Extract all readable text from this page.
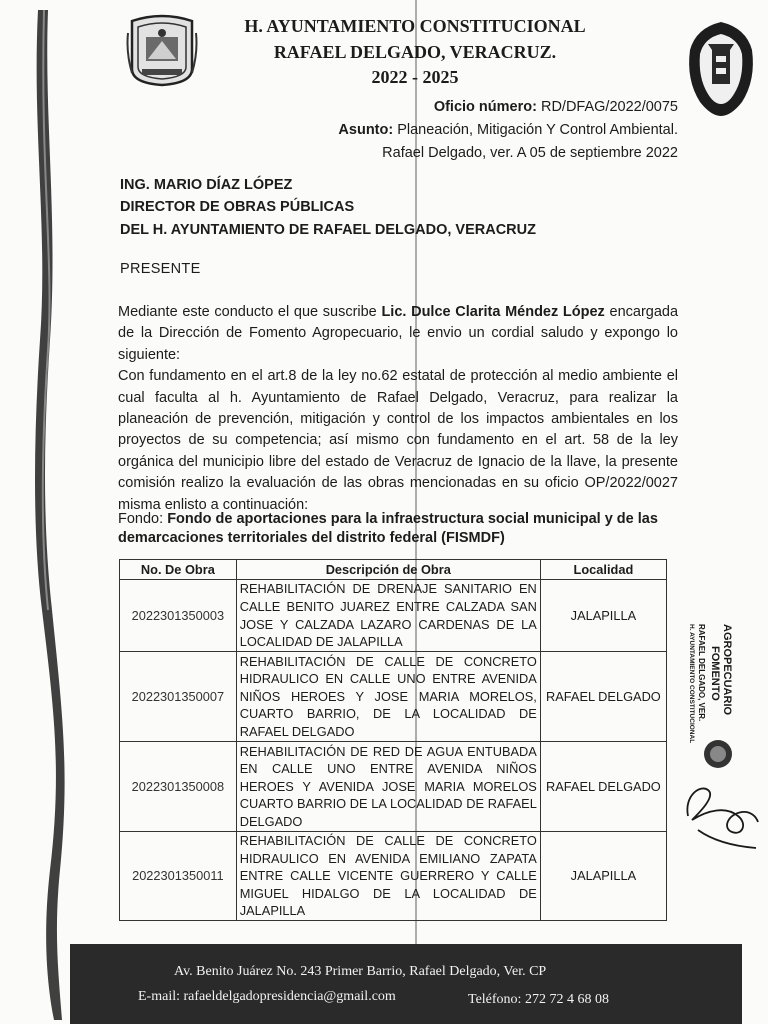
H. AYUNTAMIENTO CONSTITUCIONAL
RAFAEL DELGADO, VERACRUZ.
2022 - 2025
Oficio número: RD/DFAG/2022/0075
Asunto: Planeación, Mitigación Y Control Ambiental.
Rafael Delgado, ver. A 05 de septiembre 2022
ING. MARIO DÍAZ LÓPEZ
DIRECTOR DE OBRAS PÚBLICAS
DEL H. AYUNTAMIENTO DE RAFAEL DELGADO, VERACRUZ
PRESENTE

Mediante este conducto el que suscribe Lic. Dulce Clarita Méndez López encargada de la Dirección de Fomento Agropecuario, le envio un cordial saludo y expongo lo siguiente:

Con fundamento en el art.8 de la ley no.62 estatal de protección al medio ambiente el cual faculta al h. Ayuntamiento de Rafael Delgado, Veracruz, para realizar la planeación de prevención, mitigación y control de los impactos ambientales en los proyectos de su competencia; así mismo con fundamento en el art. 58 de la ley orgánica del municipio libre del estado de Veracruz de Ignacio de la llave, la presente comisión realizo la evaluación de las obras mencionadas en su oficio OP/2022/0027 misma enlisto a continuación:

Fondo: Fondo de aportaciones para la infraestructura social municipal y de las demarcaciones territoriales del distrito federal (FISMDF)
No. De Obra	Descripción de Obra	Localidad
2022301350003	REHABILITACIÓN DE DRENAJE SANITARIO EN CALLE BENITO JUAREZ ENTRE CALZADA SAN JOSE Y CALZADA LAZARO CARDENAS DE LA LOCALIDAD DE JALAPILLA	JALAPILLA
2022301350007	REHABILITACIÓN DE CALLE DE CONCRETO HIDRAULICO EN CALLE UNO ENTRE AVENIDA NIÑOS HEROES Y JOSE MARIA MORELOS, CUARTO BARRIO, DE LA LOCALIDAD DE RAFAEL DELGADO	RAFAEL DELGADO
2022301350008	REHABILITACIÓN DE RED DE AGUA ENTUBADA EN CALLE UNO ENTRE AVENIDA NIÑOS HEROES Y AVENIDA JOSE MARIA MORELOS CUARTO BARRIO DE LA LOCALIDAD DE RAFAEL DELGADO	RAFAEL DELGADO
2022301350011	REHABILITACIÓN DE CALLE DE CONCRETO HIDRAULICO EN AVENIDA EMILIANO ZAPATA ENTRE CALLE VICENTE GUERRERO Y CALLE MIGUEL HIDALGO DE LA LOCALIDAD DE JALAPILLA	JALAPILLA
H. AYUNTAMIENTO CONSTITUCIONAL RAFAEL DELGADO, VER. FOMENTO AGROPECUARIO
Av. Benito Juárez No. 243 Primer Barrio, Rafael Delgado, Ver. CP
E-mail: rafaeldelgadopresidencia@gmail.com	Teléfono: 272 72 4 68 08
